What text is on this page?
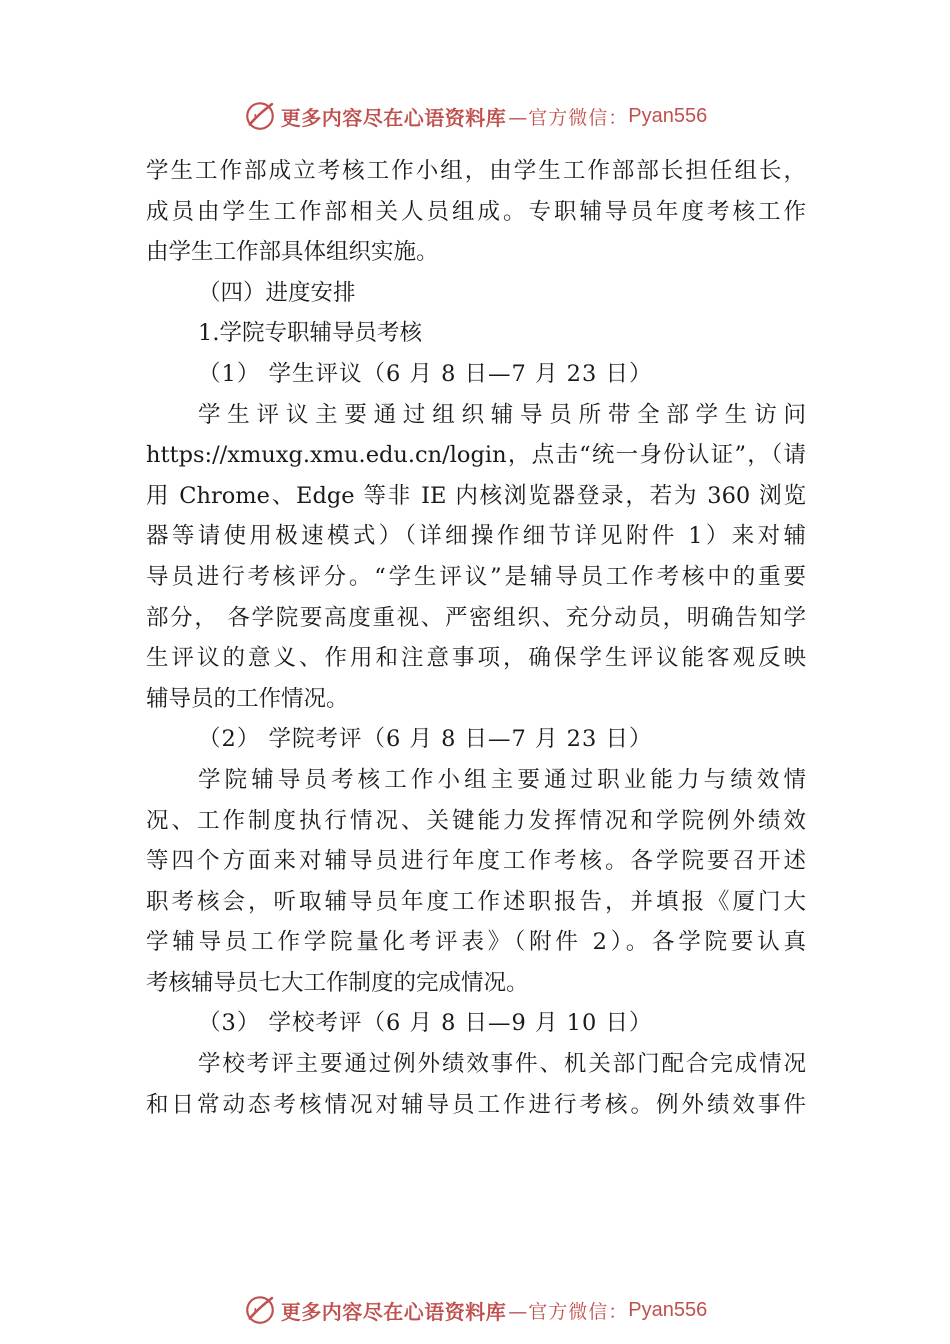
更多内容尽在心语资料库 —官方微信： Pyan556
学生工作部成立考核工作小组，由学生工作部部长担任组长，
成员由学生工作部相关人员组成。专职辅导员年度考核工作
由学生工作部具体组织实施。
（四）进度安排
1.学院专职辅导员考核
（1） 学生评议（6 月 8 日—7 月 23 日）
学生评议主要通过组织辅导员所带全部学生访问
https://xmuxg.xmu.edu.cn/login，点击“统一身份认证”，（请
用 Chrome、Edge 等非 IE 内核浏览器登录，若为 360 浏览
器等请使用极速模式）（详细操作细节详见附件 1）来对辅
导员进行考核评分。“学生评议”是辅导员工作考核中的重要
部分， 各学院要高度重视、严密组织、充分动员，明确告知学
生评议的意义、作用和注意事项，确保学生评议能客观反映
辅导员的工作情况。
（2） 学院考评（6 月 8 日—7 月 23 日）
学院辅导员考核工作小组主要通过职业能力与绩效情
况、工作制度执行情况、关键能力发挥情况和学院例外绩效
等四个方面来对辅导员进行年度工作考核。各学院要召开述
职考核会，听取辅导员年度工作述职报告，并填报《厦门大
学辅导员工作学院量化考评表》（附件 2）。各学院要认真
考核辅导员七大工作制度的完成情况。
（3） 学校考评（6 月 8 日—9 月 10 日）
学校考评主要通过例外绩效事件、机关部门配合完成情况
和日常动态考核情况对辅导员工作进行考核。例外绩效事件
更多内容尽在心语资料库 —官方微信： Pyan556
